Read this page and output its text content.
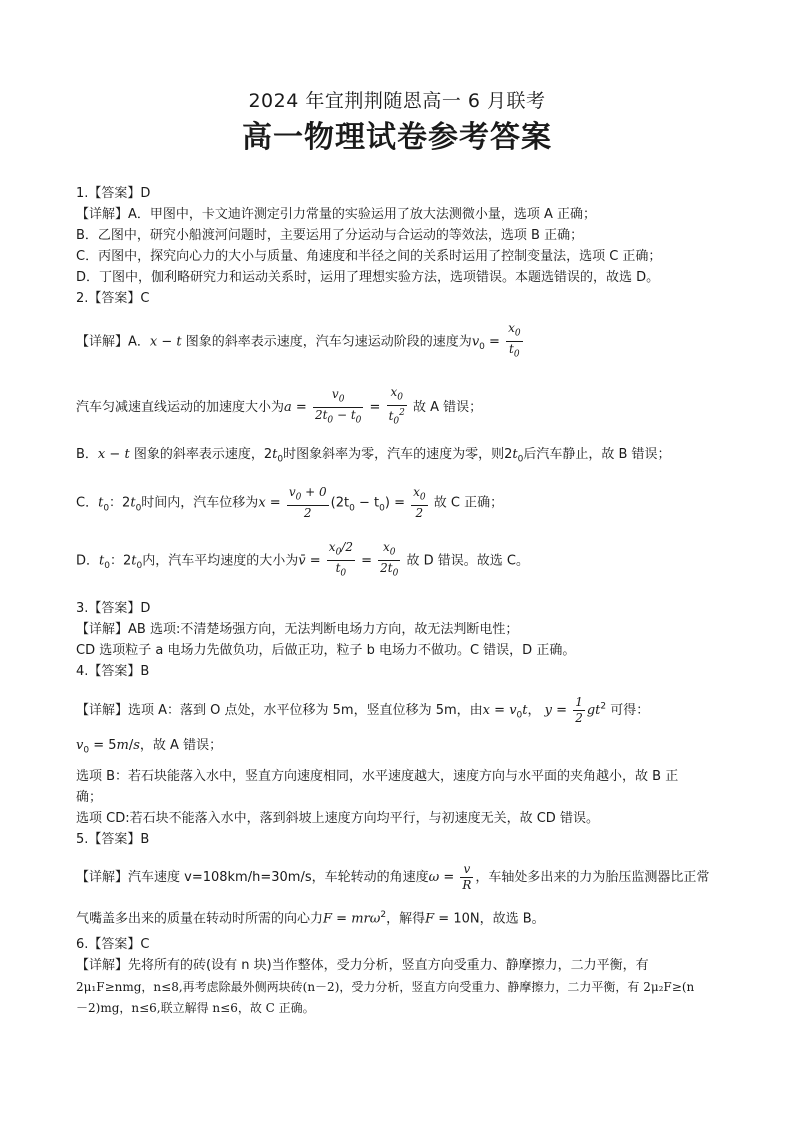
2024 年宜荆荆随恩高一 6 月联考
高一物理试卷参考答案
1.【答案】D
【详解】A．甲图中，卡文迪许测定引力常量的实验运用了放大法测微小量，选项 A 正确；
B．乙图中，研究小船渡河问题时，主要运用了分运动与合运动的等效法，选项 B 正确；
C．丙图中，探究向心力的大小与质量、角速度和半径之间的关系时运用了控制变量法，选项 C 正确；
D．丁图中，伽利略研究力和运动关系时，运用了理想实验方法，选项错误。本题选错误的，故选 D。
2.【答案】C
【详解】A．x − t 图象的斜率表示速度，汽车匀速运动阶段的速度为$v_0 = \frac{x_0}{t_0}$
汽车匀减速直线运动的加速度大小为$a = \frac{v_0}{2t_0 - t_0} = \frac{x_0}{t_0^2}$ 故 A 错误；
B．x − t 图象的斜率表示速度，$2t_0$时图象斜率为零，汽车的速度为零，则$2t_0$后汽车静止，故 B 错误；
C．$t_0$：$2t_0$时间内，汽车位移为$x = \frac{v_0 + 0}{2} (2t_0 - t_0) = \frac{x_0}{2}$ 故 C 正确；
D．$t_0$：$2t_0$内，汽车平均速度的大小为v̄ = $\frac{x_0/2}{t_0} = \frac{x_0}{2t_0}$ 故 D 错误。故选 C。
3.【答案】D
【详解】AB 选项:不清楚场强方向，无法判断电场力方向，故无法判断电性；
CD 选项粒子 a 电场力先做负功，后做正功，粒子 b 电场力不做功。C 错误，D 正确。
4.【答案】B
【详解】选项 A：落到 O 点处，水平位移为 5m，竖直位移为 5m，由$x = v_0t$， $y = \frac{1}{2} gt^2$ 可得：
$v_0 = 5m/s$，故 A 错误；
选项 B：若石块能落入水中，竖直方向速度相同，水平速度越大，速度方向与水平面的夹角越小，故 B 正
确；
选项 CD:若石块不能落入水中，落到斜坡上速度方向均平行，与初速度无关，故 CD 错误。
5.【答案】B
【详解】汽车速度 v=108km/h=30m/s，车轮转动的角速度$\omega = \frac{v}{R}$ ，车轴处多出来的力为胎压监测器比正常
气嘴盖多出来的质量在转动时所需的向心力F = mrω$^2$，解得F = 10N，故选 B。
6.【答案】C
【详解】先将所有的砖(设有 n 块)当作整体，受力分析，竖直方向受重力、静摩擦力，二力平衡，有
2μ₁F≥nmg，n≤8,再考虑除最外侧两块砖(n－2)，受力分析，竖直方向受重力、静摩擦力，二力平衡，有 2μ₂F≥(n
－2)mg，n≤6,联立解得 n≤6，故 C 正确。
